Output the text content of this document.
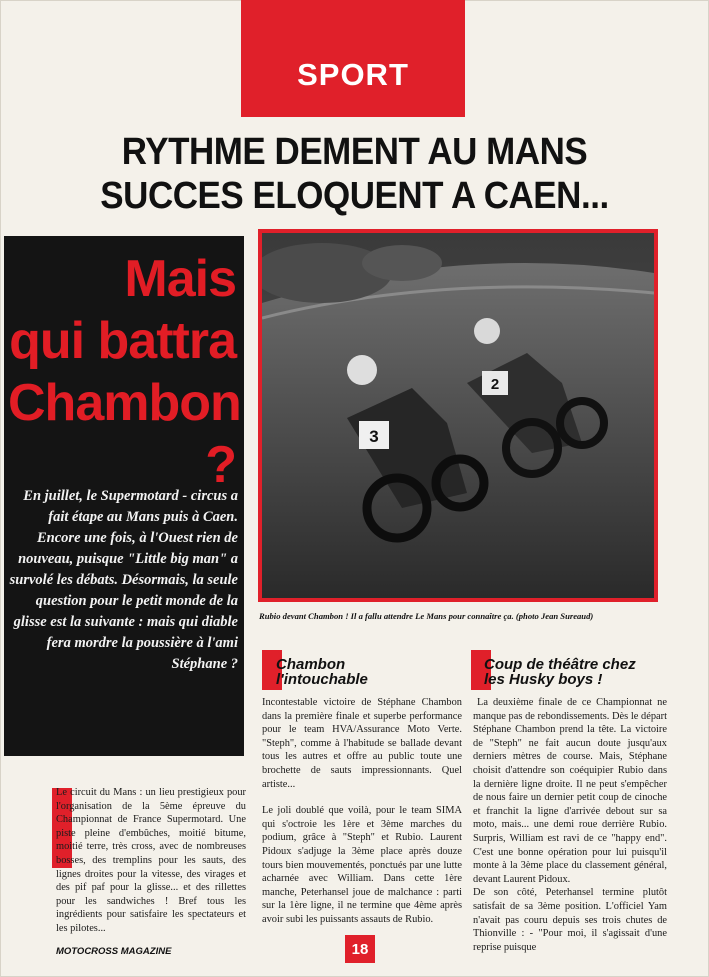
SPORT
RYTHME DEMENT AU MANS
SUCCES ELOQUENT A CAEN...
Mais
qui battra
Chambon ?
En juillet, le Supermotard - circus a fait étape au Mans puis à Caen. Encore une fois, à l'Ouest rien de nouveau, puisque "Little big man" a survolé les débats. Désormais, la seule question pour le petit monde de la glisse est la suivante : mais qui diable fera mordre la poussière à l'ami Stéphane ?
2
3
Rubio devant Chambon ! Il a fallu attendre Le Mans pour connaître ça. (photo Jean Sureaud)

Le circuit du Mans : un lieu prestigieux pour l'organisation de la 5ème épreuve du Championnat de France Supermotard. Une piste pleine d'embûches, moitié bitume, moitié terre, très cross, avec de nombreuses bosses, des tremplins pour les sauts, des lignes droites pour la vitesse, des virages et des pif paf pour la glisse... et des rillettes pour les sandwiches ! Bref tous les ingrédients pour satisfaire les spectateurs et les pilotes...

Chambon
l'intouchable

Incontestable victoire de Stéphane Chambon dans la première finale et superbe performance pour le team HVA/Assurance Moto Verte. "Steph", comme à l'habitude se ballade devant tous les autres et offre au public toute une brochette de sauts impressionnants. Quel artiste...

Le joli doublé que voilà, pour le team SIMA qui s'octroie les 1ère et 3ème marches du podium, grâce à "Steph" et Rubio. Laurent Pidoux s'adjuge la 3ème place après douze tours bien mouvementés, ponctués par une lutte acharnée avec William. Dans cette 1ère manche, Peterhansel joue de malchance : parti sur la 1ère ligne, il ne termine que 4ème après avoir subi les puissants assauts de Rubio.

Coup de théâtre chez
les Husky boys !

La deuxième finale de ce Championnat ne manque pas de rebondissements. Dès le départ Stéphane Chambon prend la tête. La victoire de "Steph" ne fait aucun doute jusqu'aux derniers mètres de course. Mais, Stéphane choisit d'attendre son coéquipier Rubio dans la dernière ligne droite. Il ne peut s'empêcher de nous faire un dernier petit coup de cinoche et franchit la ligne d'arrivée debout sur sa moto, mais... une demi roue derrière Rubio. Surpris, William est ravi de ce "happy end". C'est une bonne opération pour lui puisqu'il monte à la 3ème place du classement général, devant Laurent Pidoux.

De son côté, Peterhansel termine plutôt satisfait de sa 3ème position. L'officiel Yam n'avait pas couru depuis ses trois chutes de Thionville : - "Pour moi, il s'agissait d'une reprise puisque

MOTOCROSS MAGAZINE	18
